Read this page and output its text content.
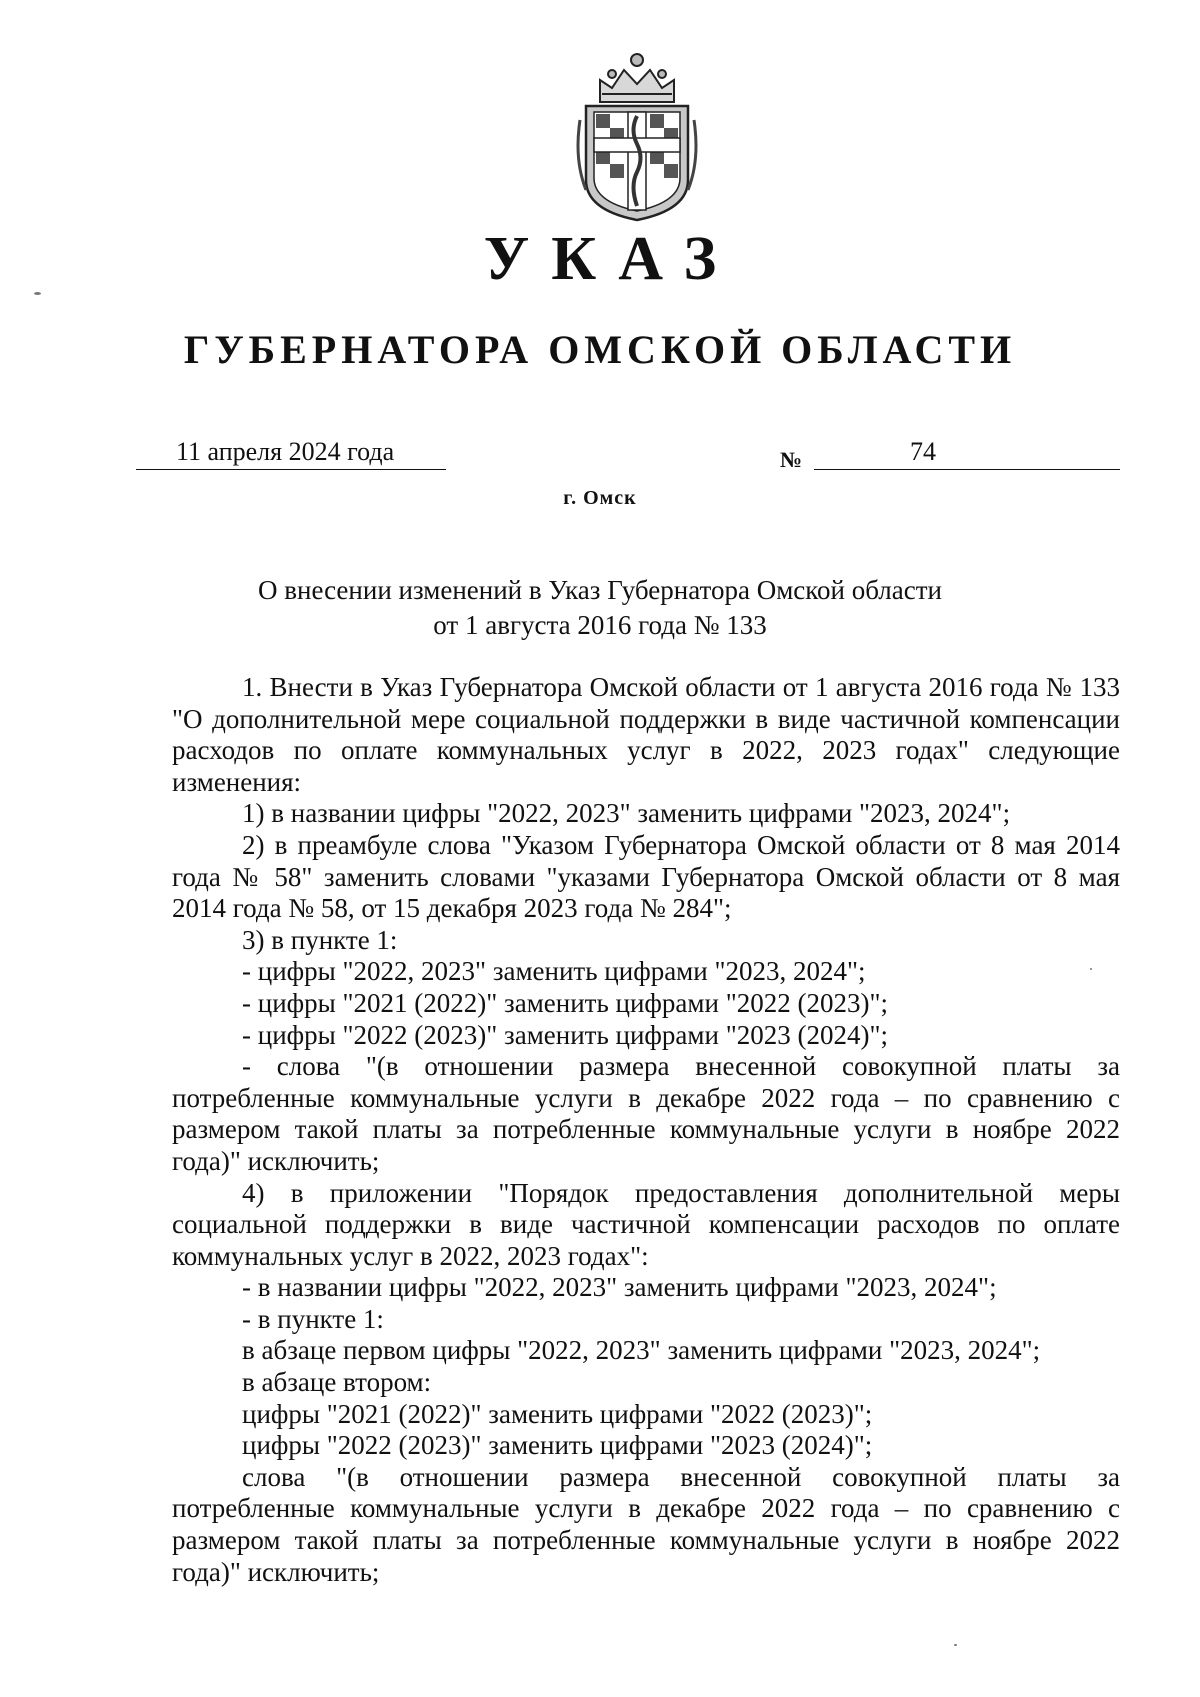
УКАЗ
ГУБЕРНАТОРА ОМСКОЙ ОБЛАСТИ
11 апреля 2024 года	№	74
г. Омск
О внесении изменений в Указ Губернатора Омской области
от 1 августа 2016 года № 133

1. Внести в Указ Губернатора Омской области от 1 августа 2016 года № 133 "О дополнительной мере социальной поддержки в виде частичной компенсации расходов по оплате коммунальных услуг в 2022, 2023 годах" следующие изменения:

1) в названии цифры "2022, 2023" заменить цифрами "2023, 2024";

2) в преамбуле слова "Указом Губернатора Омской области от 8 мая 2014 года № 58" заменить словами "указами Губернатора Омской области от 8 мая 2014 года № 58, от 15 декабря 2023 года № 284";

3) в пункте 1:

- цифры "2022, 2023" заменить цифрами "2023, 2024";

- цифры "2021 (2022)" заменить цифрами "2022 (2023)";

- цифры "2022 (2023)" заменить цифрами "2023 (2024)";

- слова "(в отношении размера внесенной совокупной платы за потребленные коммунальные услуги в декабре 2022 года – по сравнению с размером такой платы за потребленные коммунальные услуги в ноябре 2022 года)" исключить;

4) в приложении "Порядок предоставления дополнительной меры социальной поддержки в виде частичной компенсации расходов по оплате коммунальных услуг в 2022, 2023 годах":

- в названии цифры "2022, 2023" заменить цифрами "2023, 2024";

- в пункте 1:

в абзаце первом цифры "2022, 2023" заменить цифрами "2023, 2024";

в абзаце втором:

цифры "2021 (2022)" заменить цифрами "2022 (2023)";

цифры "2022 (2023)" заменить цифрами "2023 (2024)";

слова "(в отношении размера внесенной совокупной платы за потребленные коммунальные услуги в декабре 2022 года – по сравнению с размером такой платы за потребленные коммунальные услуги в ноябре 2022 года)" исключить;
